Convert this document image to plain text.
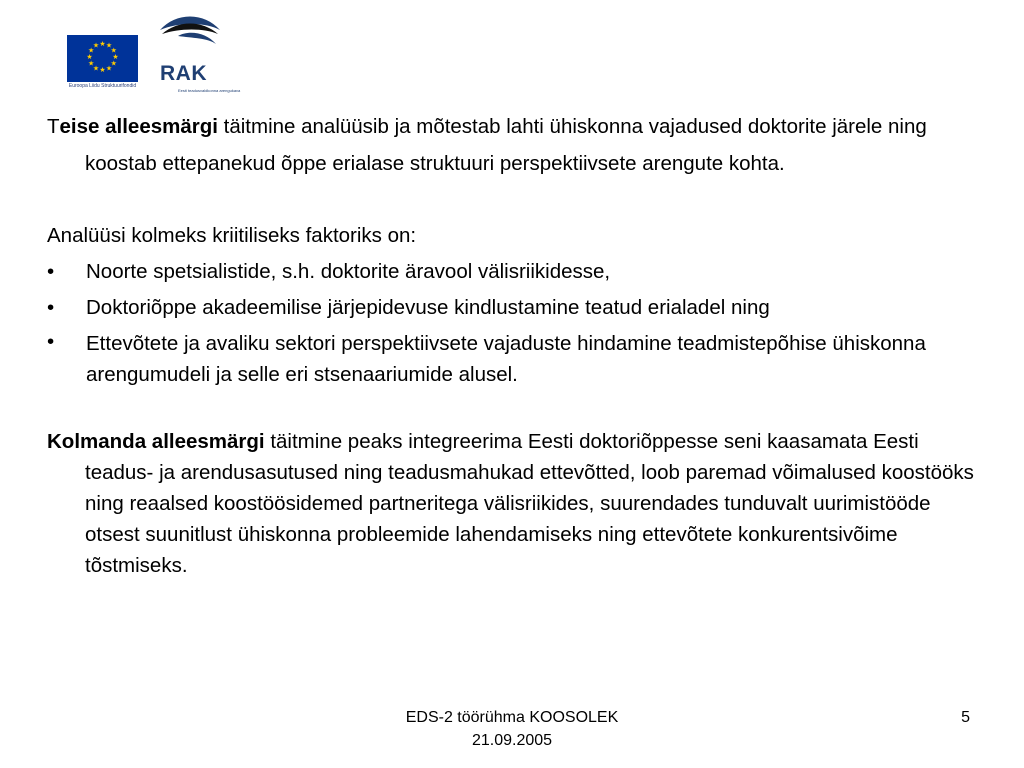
★ ★
★
★
★
★
★
★
★
★
★
★
Euroopa Liidu Struktuurifondid
RAK
Eesti teadusvaldkonna arengukava

Teise alleesmärgi täitmine analüüsib ja mõtestab lahti ühiskonna vajadused doktorite järele ning koostab ettepanekud õppe erialase struktuuri perspektiivsete arengute kohta.

Analüüsi kolmeks kriitiliseks faktoriks on:

• Noorte spetsialistide, s.h. doktorite äravool välisriikidesse,
• Doktoriõppe akadeemilise järjepidevuse kindlustamine teatud erialadel ning
• Ettevõtete ja avaliku sektori perspektiivsete vajaduste hindamine teadmistepõhise ühiskonna arengumudeli ja selle eri stsenaariumide alusel.

Kolmanda alleesmärgi täitmine peaks integreerima Eesti doktoriõppesse seni kaasamata Eesti teadus- ja arendusasutused ning teadusmahukad ettevõtted, loob paremad võimalused koostööks ning reaalsed koostöösidemed partneritega välisriikides, suurendades tunduvalt uurimistööde otsest suunitlust ühiskonna probleemide lahendamiseks ning ettevõtete konkurentsivõime tõstmiseks.

EDS-2 töörühma KOOSOLEK
21.09.2005
5
